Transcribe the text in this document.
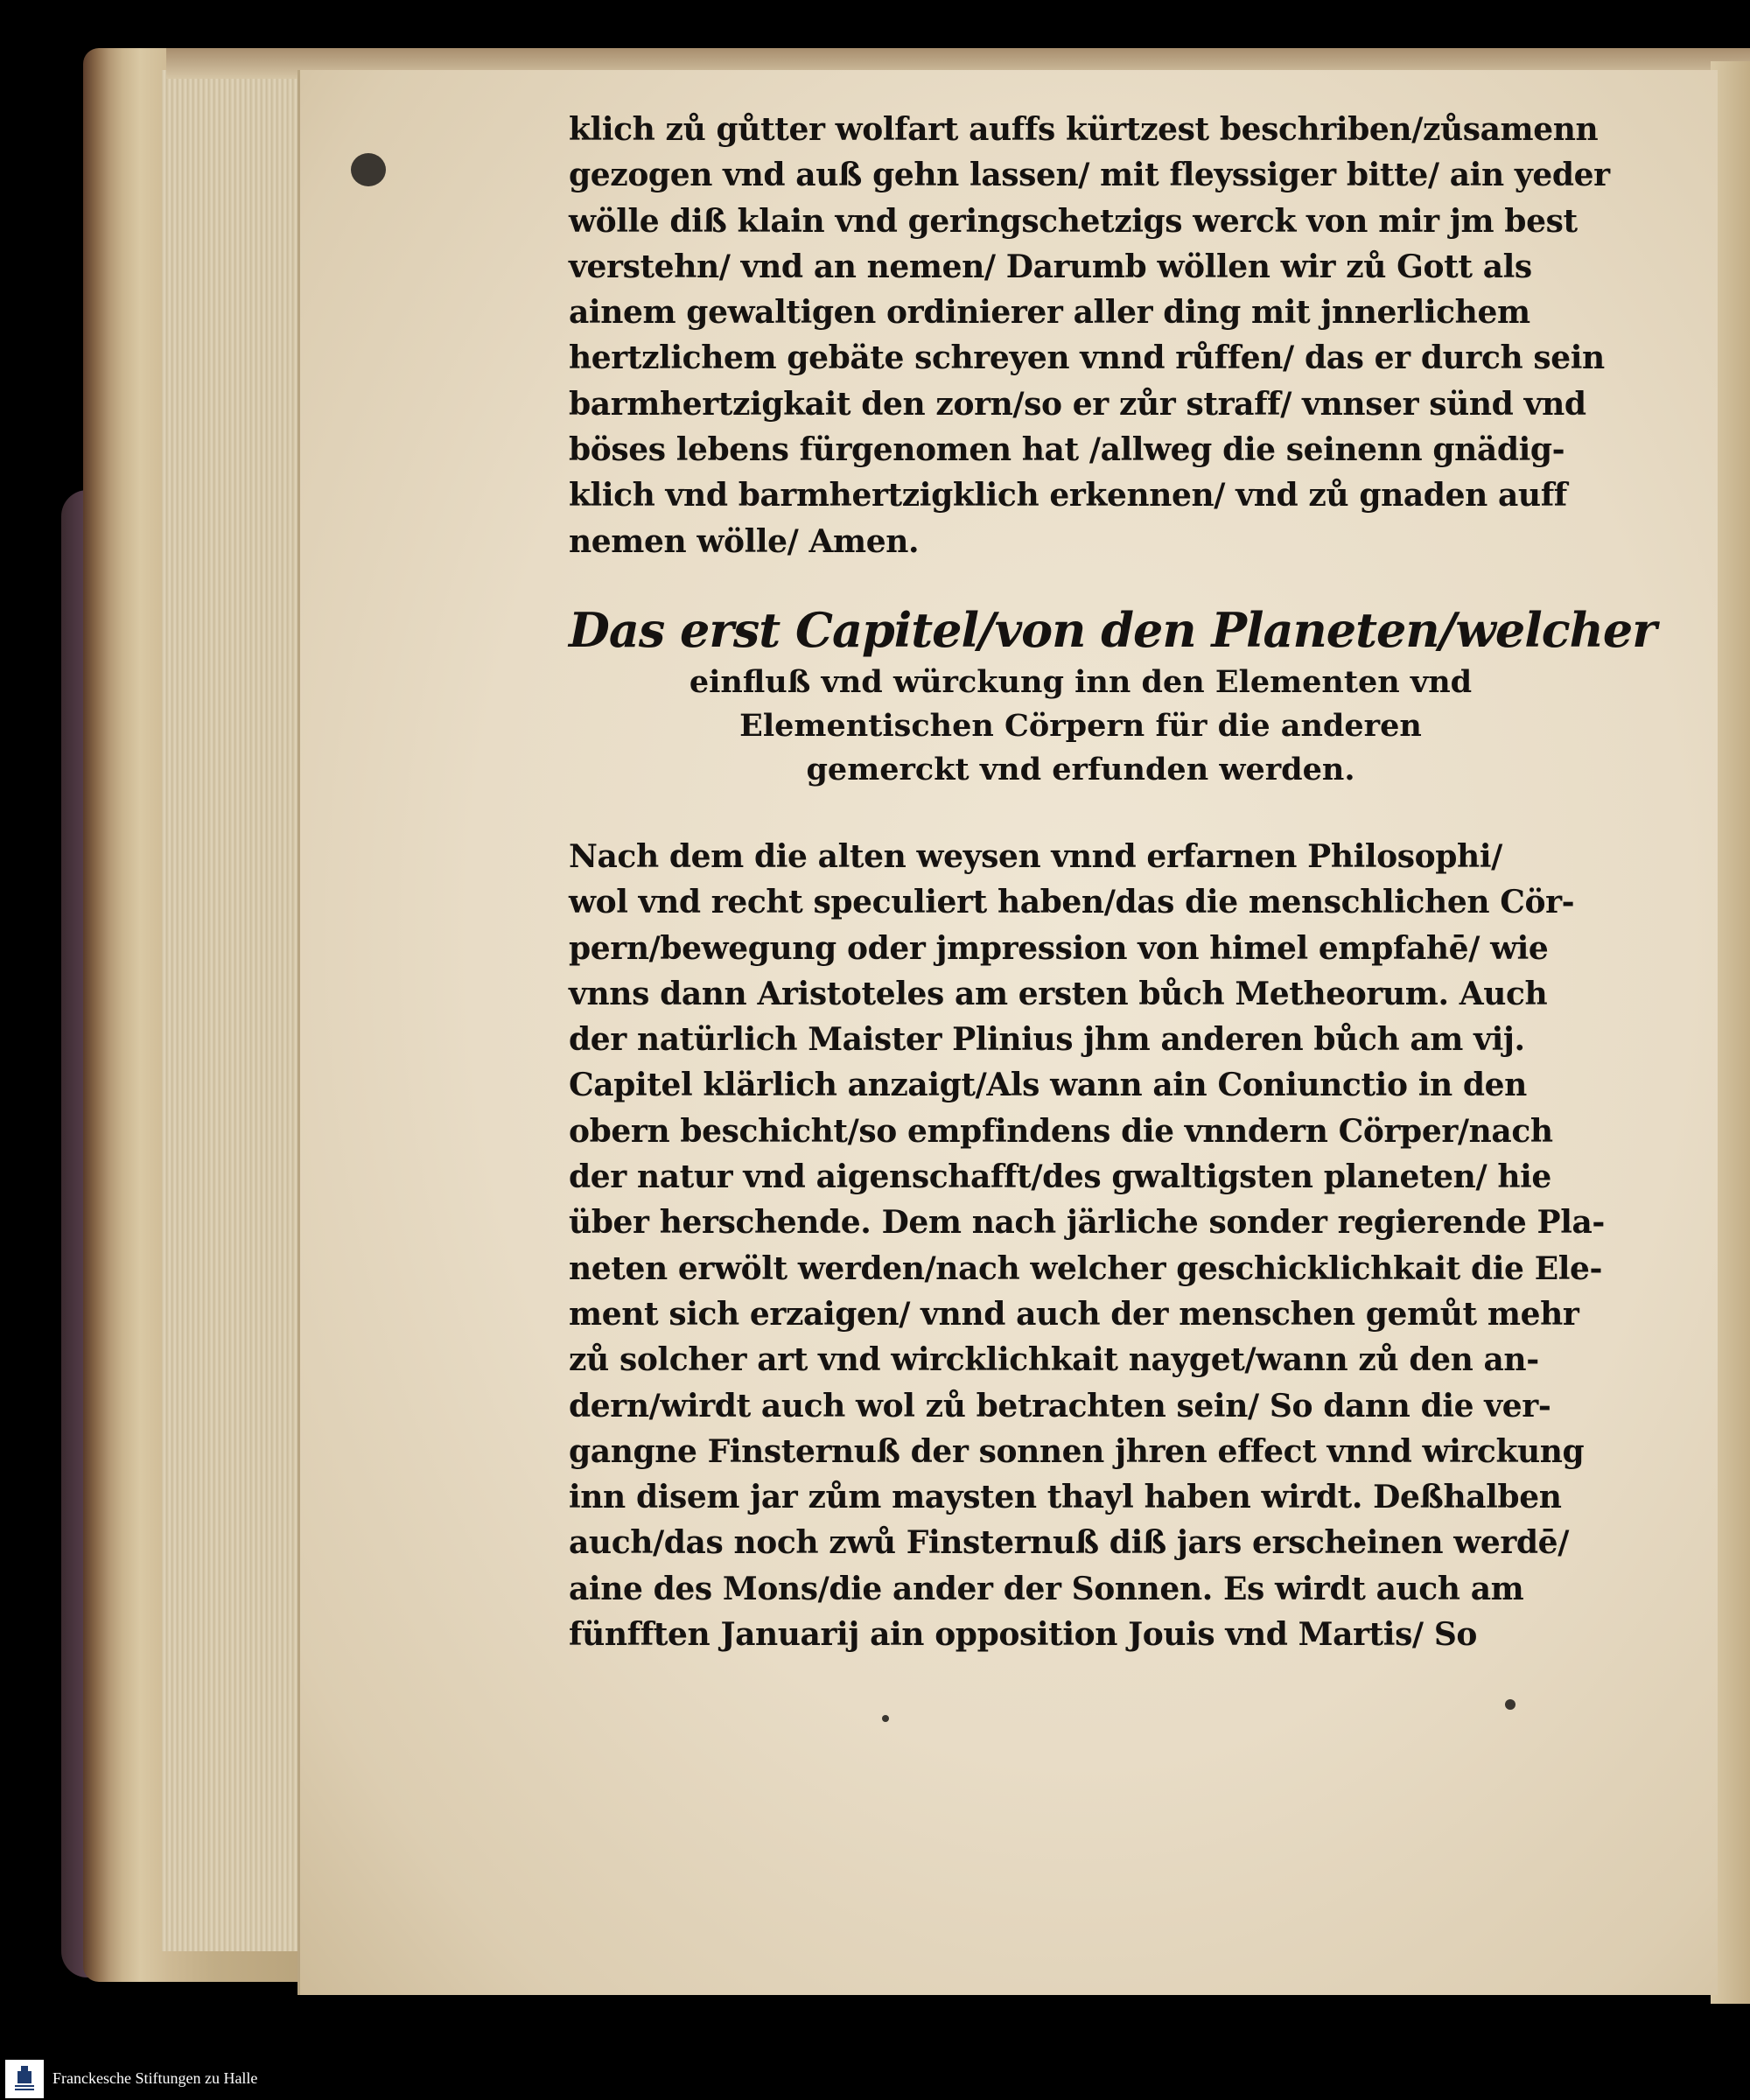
klich zů gůtter wolfart auffs kürtzest beschriben/zůsamenn
gezogen vnd auß gehn lassen/ mit fleyssiger bitte/ ain yeder
wölle diß klain vnd geringschetzigs werck von mir jm best
verstehn/ vnd an nemen/ Darumb wöllen wir zů Gott als
ainem gewaltigen ordinierer aller ding mit jnnerlichem
hertzlichem gebäte schreyen vnnd růffen/ das er durch sein
barmhertzigkait den zorn/so er zůr straff/ vnnser sünd vnd
böses lebens fürgenomen hat /allweg die seinenn gnädig-
klich vnd barmhertzigklich erkennen/ vnd zů gnaden auff
nemen wölle/ Amen.
Das erst Capitel/von den Planeten/welcher
einfluß vnd würckung inn den Elementen vnd
Elementischen Cörpern für die anderen
gemerckt vnd erfunden werden.
Nach dem die alten weysen vnnd erfarnen Philosophi/
wol vnd recht speculiert haben/das die menschlichen Cör-
pern/bewegung oder jmpression von himel empfahē/ wie
vnns dann Aristoteles am ersten bůch Metheorum. Auch
der natürlich Maister Plinius jhm anderen bůch am vij.
Capitel klärlich anzaigt/Als wann ain Coniunctio in den
obern beschicht/so empfindens die vnndern Cörper/nach
der natur vnd aigenschafft/des gwaltigsten planeten/ hie
über herschende. Dem nach järliche sonder regierende Pla-
neten erwölt werden/nach welcher geschicklichkait die Ele-
ment sich erzaigen/ vnnd auch der menschen gemůt mehr
zů solcher art vnd wircklichkait nayget/wann zů den an-
dern/wirdt auch wol zů betrachten sein/ So dann die ver-
gangne Finsternuß der sonnen jhren effect vnnd wirckung
inn disem jar zům maysten thayl haben wirdt. Deßhalben
auch/das noch zwů Finsternuß diß jars erscheinen werdē/
aine des Mons/die ander der Sonnen. Es wirdt auch am
fünfften Januarij ain opposition Jouis vnd Martis/ So
Franckesche Stiftungen zu Halle
